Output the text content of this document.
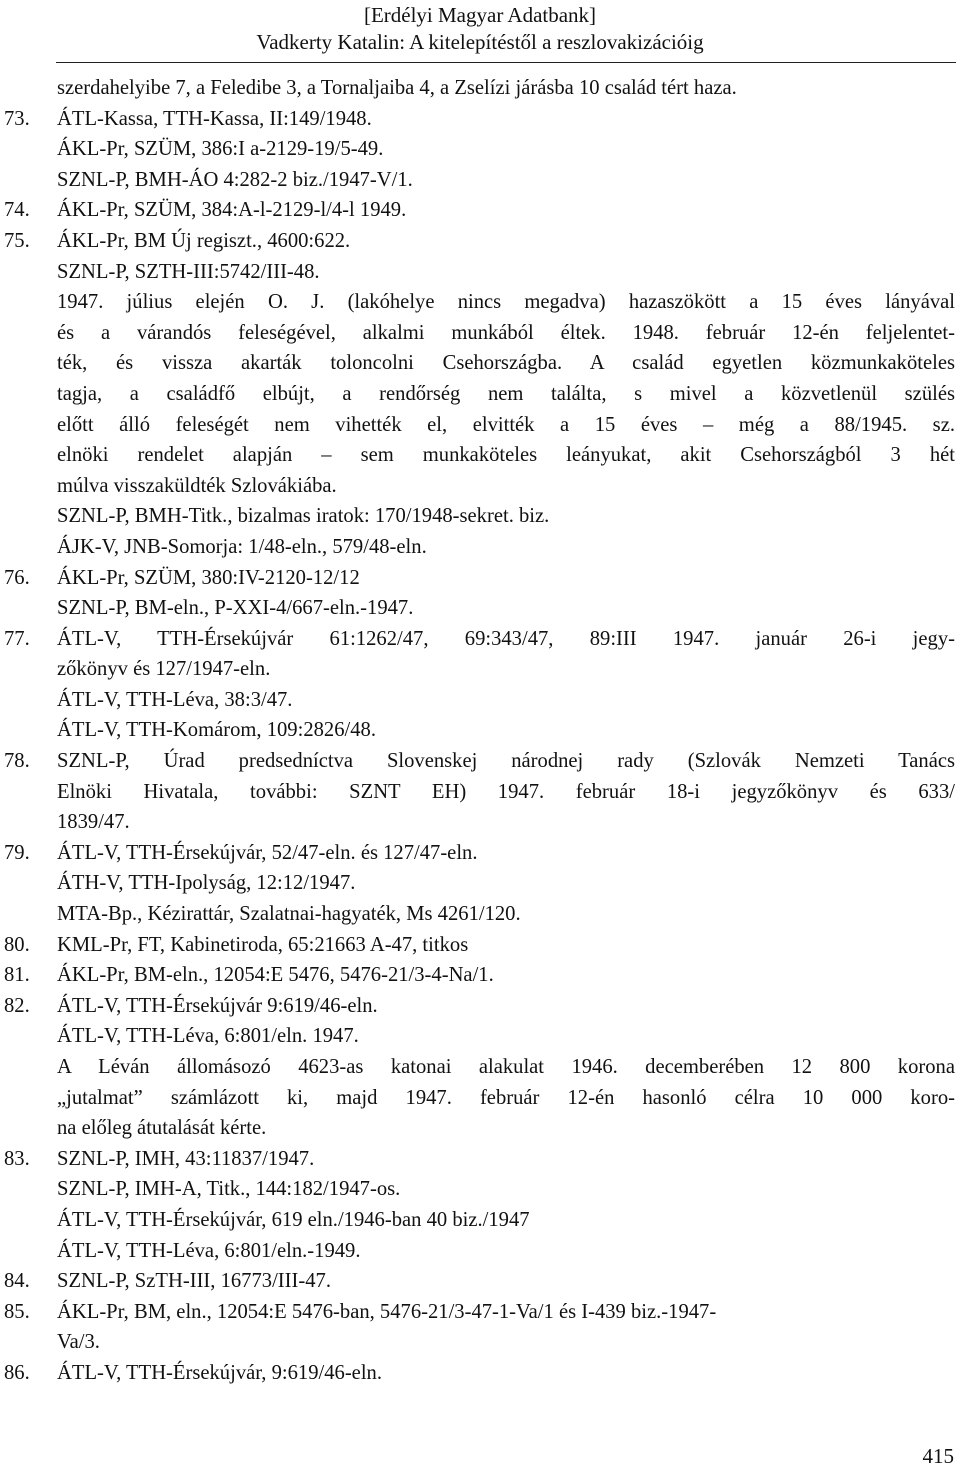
[Erdélyi Magyar Adatbank]
Vadkerty Katalin: A kitelepítéstől a reszlovakizációig
szerdahelyibe 7, a Feledibe 3, a Tornaljaiba 4, a Zselízi járásba 10 család tért haza.
73. ÁTL-Kassa, TTH-Kassa, II:149/1948.
ÁKL-Pr, SZÜM, 386:I a-2129-19/5-49.
SZNL-P, BMH-ÁO 4:282-2 biz./1947-V/1.
74. ÁKL-Pr, SZÜM, 384:A-l-2129-l/4-l 1949.
75. ÁKL-Pr, BM Új regiszt., 4600:622.
SZNL-P, SZTH-III:5742/III-48.
1947. július elején O. J. (lakóhelye nincs megadva) hazaszökött a 15 éves lányával
és a várandós feleségével, alkalmi munkából éltek. 1948. február 12-én feljelentet-
ték, és vissza akarták toloncolni Csehországba. A család egyetlen közmunkaköteles
tagja, a családfő elbújt, a rendőrség nem találta, s mivel a közvetlenül szülés
előtt álló feleségét nem vihették el, elvitték a 15 éves – még a 88/1945. sz.
elnöki rendelet alapján – sem munkaköteles leányukat, akit Csehországból 3 hét
múlva visszaküldték Szlovákiába.
SZNL-P, BMH-Titk., bizalmas iratok: 170/1948-sekret. biz.
ÁJK-V, JNB-Somorja: 1/48-eln., 579/48-eln.
76. ÁKL-Pr, SZÜM, 380:IV-2120-12/12
SZNL-P, BM-eln., P-XXI-4/667-eln.-1947.
77. ÁTL-V, TTH-Érsekújvár 61:1262/47, 69:343/47, 89:III 1947. január 26-i jegy-
zőkönyv és 127/1947-eln.
ÁTL-V, TTH-Léva, 38:3/47.
ÁTL-V, TTH-Komárom, 109:2826/48.
78. SZNL-P, Úrad predsedníctva Slovenskej národnej rady (Szlovák Nemzeti Tanács
Elnöki Hivatala, további: SZNT EH) 1947. február 18-i jegyzőkönyv és 633/
1839/47.
79. ÁTL-V, TTH-Érsekújvár, 52/47-eln. és 127/47-eln.
ÁTH-V, TTH-Ipolyság, 12:12/1947.
MTA-Bp., Kézirattár, Szalatnai-hagyaték, Ms 4261/120.
80. KML-Pr, FT, Kabinetiroda, 65:21663 A-47, titkos
81. ÁKL-Pr, BM-eln., 12054:E 5476, 5476-21/3-4-Na/1.
82. ÁTL-V, TTH-Érsekújvár 9:619/46-eln.
ÁTL-V, TTH-Léva, 6:801/eln. 1947.
A Léván állomásozó 4623-as katonai alakulat 1946. decemberében 12 800 korona
„jutalmat” számlázott ki, majd 1947. február 12-én hasonló célra 10 000 koro-
na előleg átutalását kérte.
83. SZNL-P, IMH, 43:11837/1947.
SZNL-P, IMH-A, Titk., 144:182/1947-os.
ÁTL-V, TTH-Érsekújvár, 619 eln./1946-ban 40 biz./1947
ÁTL-V, TTH-Léva, 6:801/eln.-1949.
84. SZNL-P, SzTH-III, 16773/III-47.
85. ÁKL-Pr, BM, eln., 12054:E 5476-ban, 5476-21/3-47-1-Va/1 és I-439 biz.-1947-
Va/3.
86. ÁTL-V, TTH-Érsekújvár, 9:619/46-eln.
415
